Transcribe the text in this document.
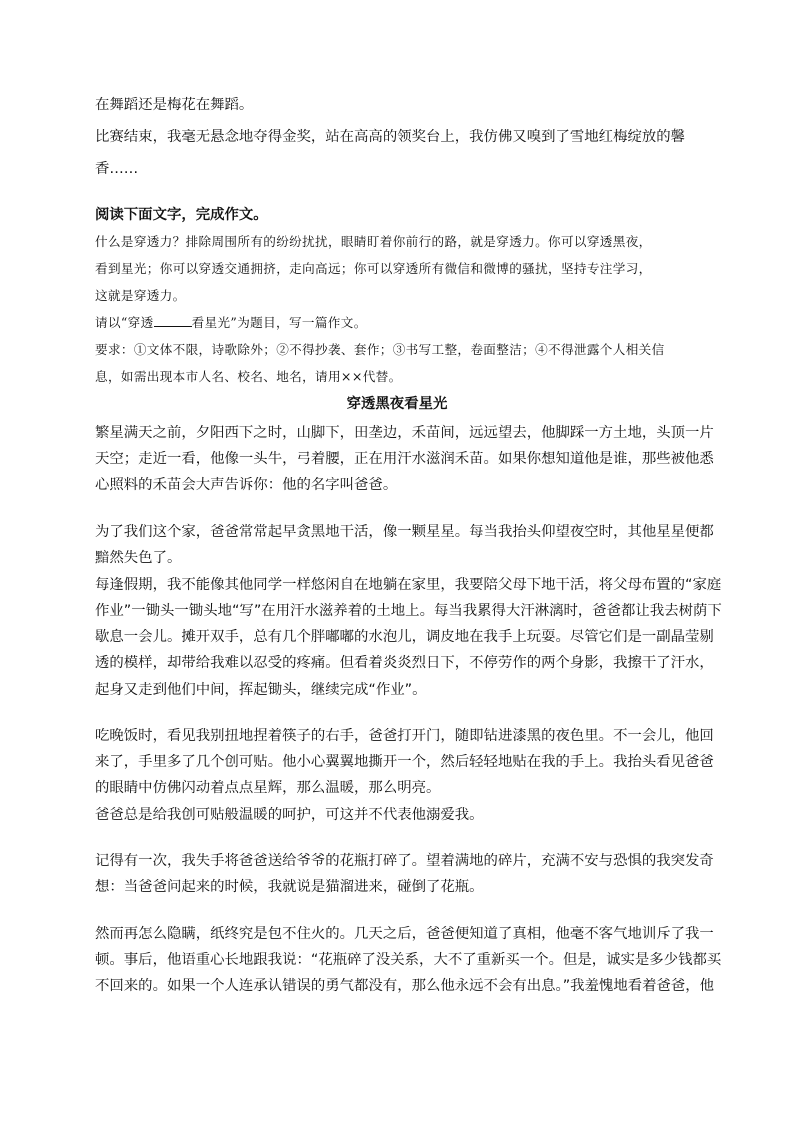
在舞蹈还是梅花在舞蹈。
比赛结束，我毫无悬念地夺得金奖，站在高高的领奖台上，我仿佛又嗅到了雪地红梅绽放的馨
香……
阅读下面文字，完成作文。
什么是穿透力？排除周围所有的纷纷扰扰，眼睛盯着你前行的路，就是穿透力。你可以穿透黑夜，
看到星光；你可以穿透交通拥挤，走向高远；你可以穿透所有微信和微博的骚扰，坚持专注学习，
这就是穿透力。
请以“穿透	看星光”为题目，写一篇作文。
要求：①文体不限，诗歌除外；②不得抄袭、套作；③书写工整，卷面整洁；④不得泄露个人相关信
息，如需出现本市人名、校名、地名，请用××代替。
穿透黑夜看星光
繁星满天之前，夕阳西下之时，山脚下，田垄边，禾苗间，远远望去，他脚踩一方土地，头顶一片
天空；走近一看，他像一头牛，弓着腰，正在用汗水滋润禾苗。如果你想知道他是谁，那些被他悉
心照料的禾苗会大声告诉你：他的名字叫爸爸。
为了我们这个家，爸爸常常起早贪黑地干活，像一颗星星。每当我抬头仰望夜空时，其他星星便都
黯然失色了。
每逢假期，我不能像其他同学一样悠闲自在地躺在家里，我要陪父母下地干活，将父母布置的“家庭
作业”一锄头一锄头地“写”在用汗水滋养着的土地上。每当我累得大汗淋漓时，爸爸都让我去树荫下
歇息一会儿。摊开双手，总有几个胖嘟嘟的水泡儿，调皮地在我手上玩耍。尽管它们是一副晶莹剔
透的模样，却带给我难以忍受的疼痛。但看着炎炎烈日下，不停劳作的两个身影，我擦干了汗水，
起身又走到他们中间，挥起锄头，继续完成“作业”。
吃晚饭时，看见我别扭地捏着筷子的右手，爸爸打开门，随即钻进漆黑的夜色里。不一会儿，他回
来了，手里多了几个创可贴。他小心翼翼地撕开一个，然后轻轻地贴在我的手上。我抬头看见爸爸
的眼睛中仿佛闪动着点点星辉，那么温暖，那么明亮。
爸爸总是给我创可贴般温暖的呵护，可这并不代表他溺爱我。
记得有一次，我失手将爸爸送给爷爷的花瓶打碎了。望着满地的碎片，充满不安与恐惧的我突发奇
想：当爸爸问起来的时候，我就说是猫溜进来，碰倒了花瓶。
然而再怎么隐瞒，纸终究是包不住火的。几天之后，爸爸便知道了真相，他毫不客气地训斥了我一
顿。事后，他语重心长地跟我说：“花瓶碎了没关系，大不了重新买一个。但是，诚实是多少钱都买
不回来的。如果一个人连承认错误的勇气都没有，那么他永远不会有出息。”我羞愧地看着爸爸，他
